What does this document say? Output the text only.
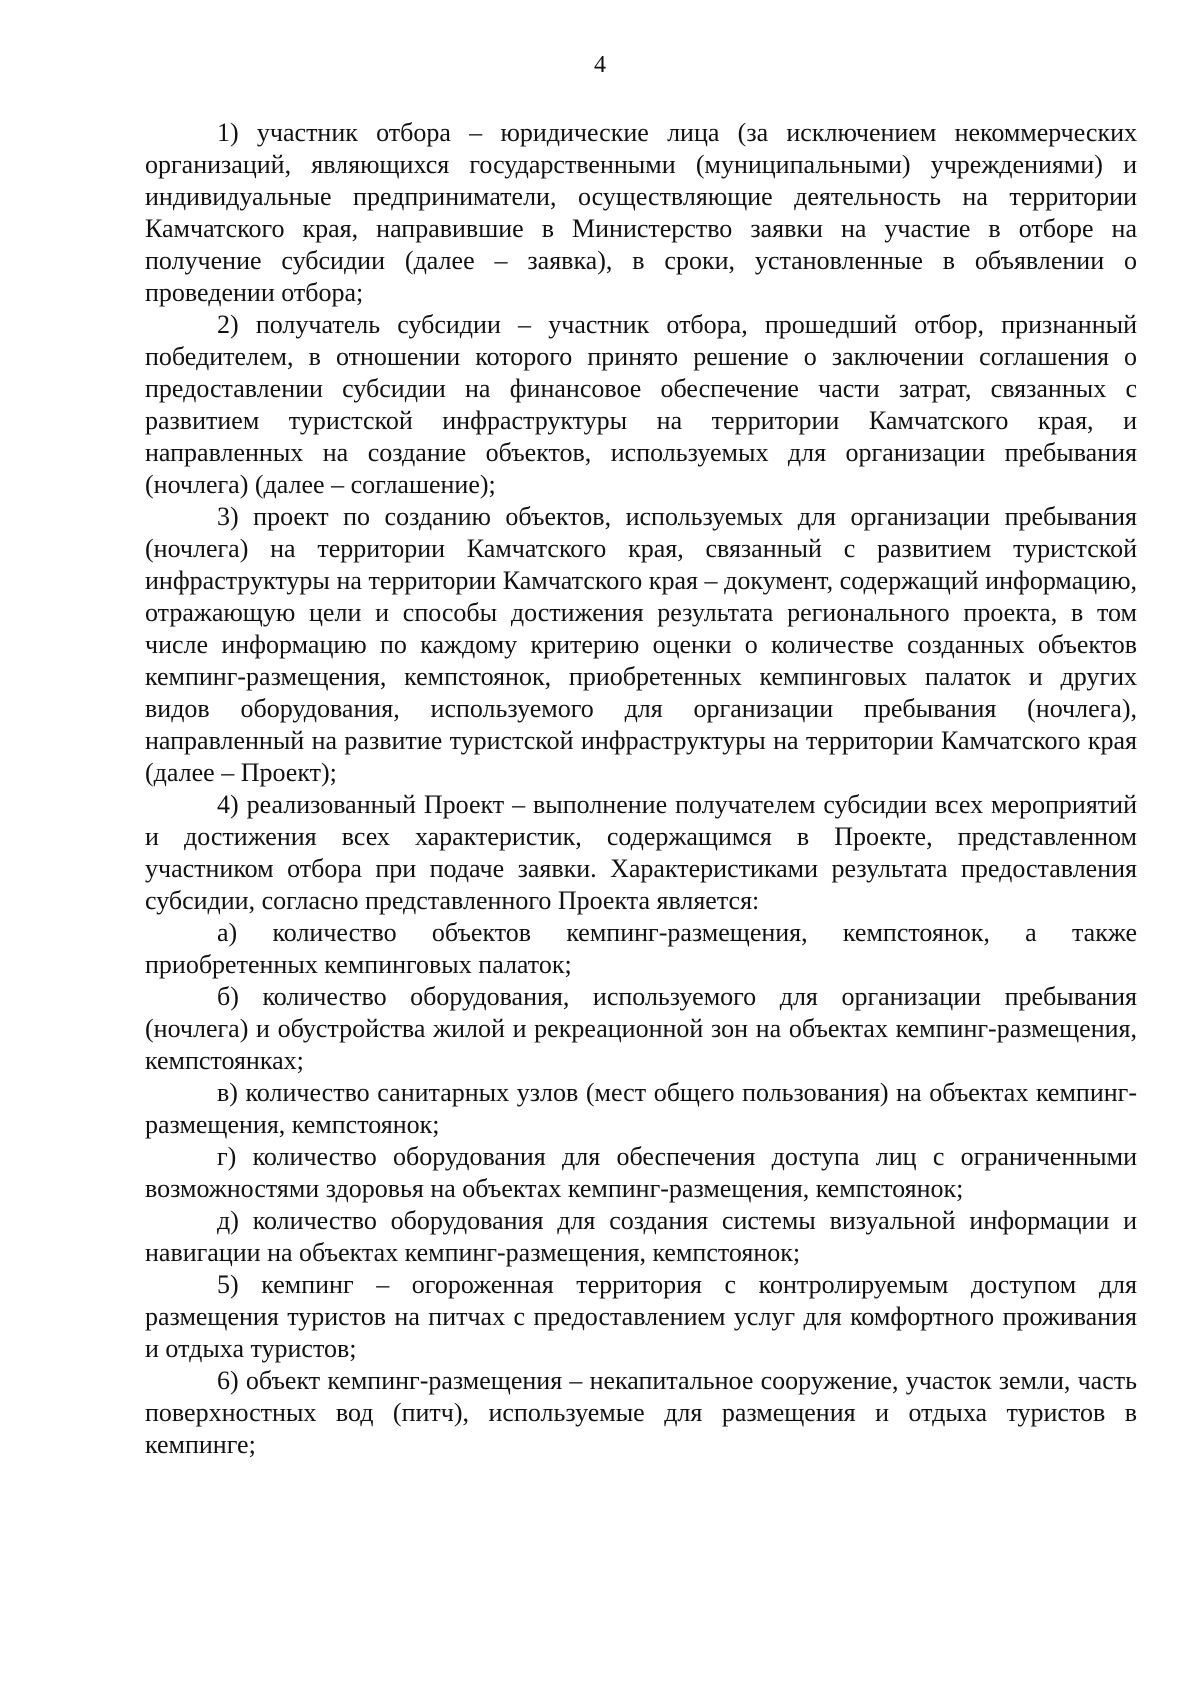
4

1) участник отбора – юридические лица (за исключением некоммерческих организаций, являющихся государственными (муниципальными) учреждениями) и индивидуальные предприниматели, осуществляющие деятельность на территории Камчатского края, направившие в Министерство заявки на участие в отборе на получение субсидии (далее – заявка), в сроки, установленные в объявлении о проведении отбора;

2) получатель субсидии – участник отбора, прошедший отбор, признанный победителем, в отношении которого принято решение о заключении соглашения о предоставлении субсидии на финансовое обеспечение части затрат, связанных с развитием туристской инфраструктуры на территории Камчатского края, и направленных на создание объектов, используемых для организации пребывания (ночлега) (далее – соглашение);

3) проект по созданию объектов, используемых для организации пребывания (ночлега) на территории Камчатского края, связанный с развитием туристской инфраструктуры на территории Камчатского края – документ, содержащий информацию, отражающую цели и способы достижения результата регионального проекта, в том числе информацию по каждому критерию оценки о количестве созданных объектов кемпинг-размещения, кемпстоянок, приобретенных кемпинговых палаток и других видов оборудования, используемого для организации пребывания (ночлега), направленный на развитие туристской инфраструктуры на территории Камчатского края (далее – Проект);

4) реализованный Проект – выполнение получателем субсидии всех мероприятий и достижения всех характеристик, содержащимся в Проекте, представленном участником отбора при подаче заявки. Характеристиками результата предоставления субсидии, согласно представленного Проекта является:

а) количество объектов кемпинг-размещения, кемпстоянок, а также приобретенных кемпинговых палаток;

б) количество оборудования, используемого для организации пребывания (ночлега) и обустройства жилой и рекреационной зон на объектах кемпинг-размещения, кемпстоянках;

в) количество санитарных узлов (мест общего пользования) на объектах кемпинг-размещения, кемпстоянок;

г) количество оборудования для обеспечения доступа лиц с ограниченными возможностями здоровья на объектах кемпинг-размещения, кемпстоянок;

д) количество оборудования для создания системы визуальной информации и навигации на объектах кемпинг-размещения, кемпстоянок;

5) кемпинг – огороженная территория с контролируемым доступом для размещения туристов на питчах с предоставлением услуг для комфортного проживания и отдыха туристов;

6) объект кемпинг-размещения – некапитальное сооружение, участок земли, часть поверхностных вод (питч), используемые для размещения и отдыха туристов в кемпинге;
